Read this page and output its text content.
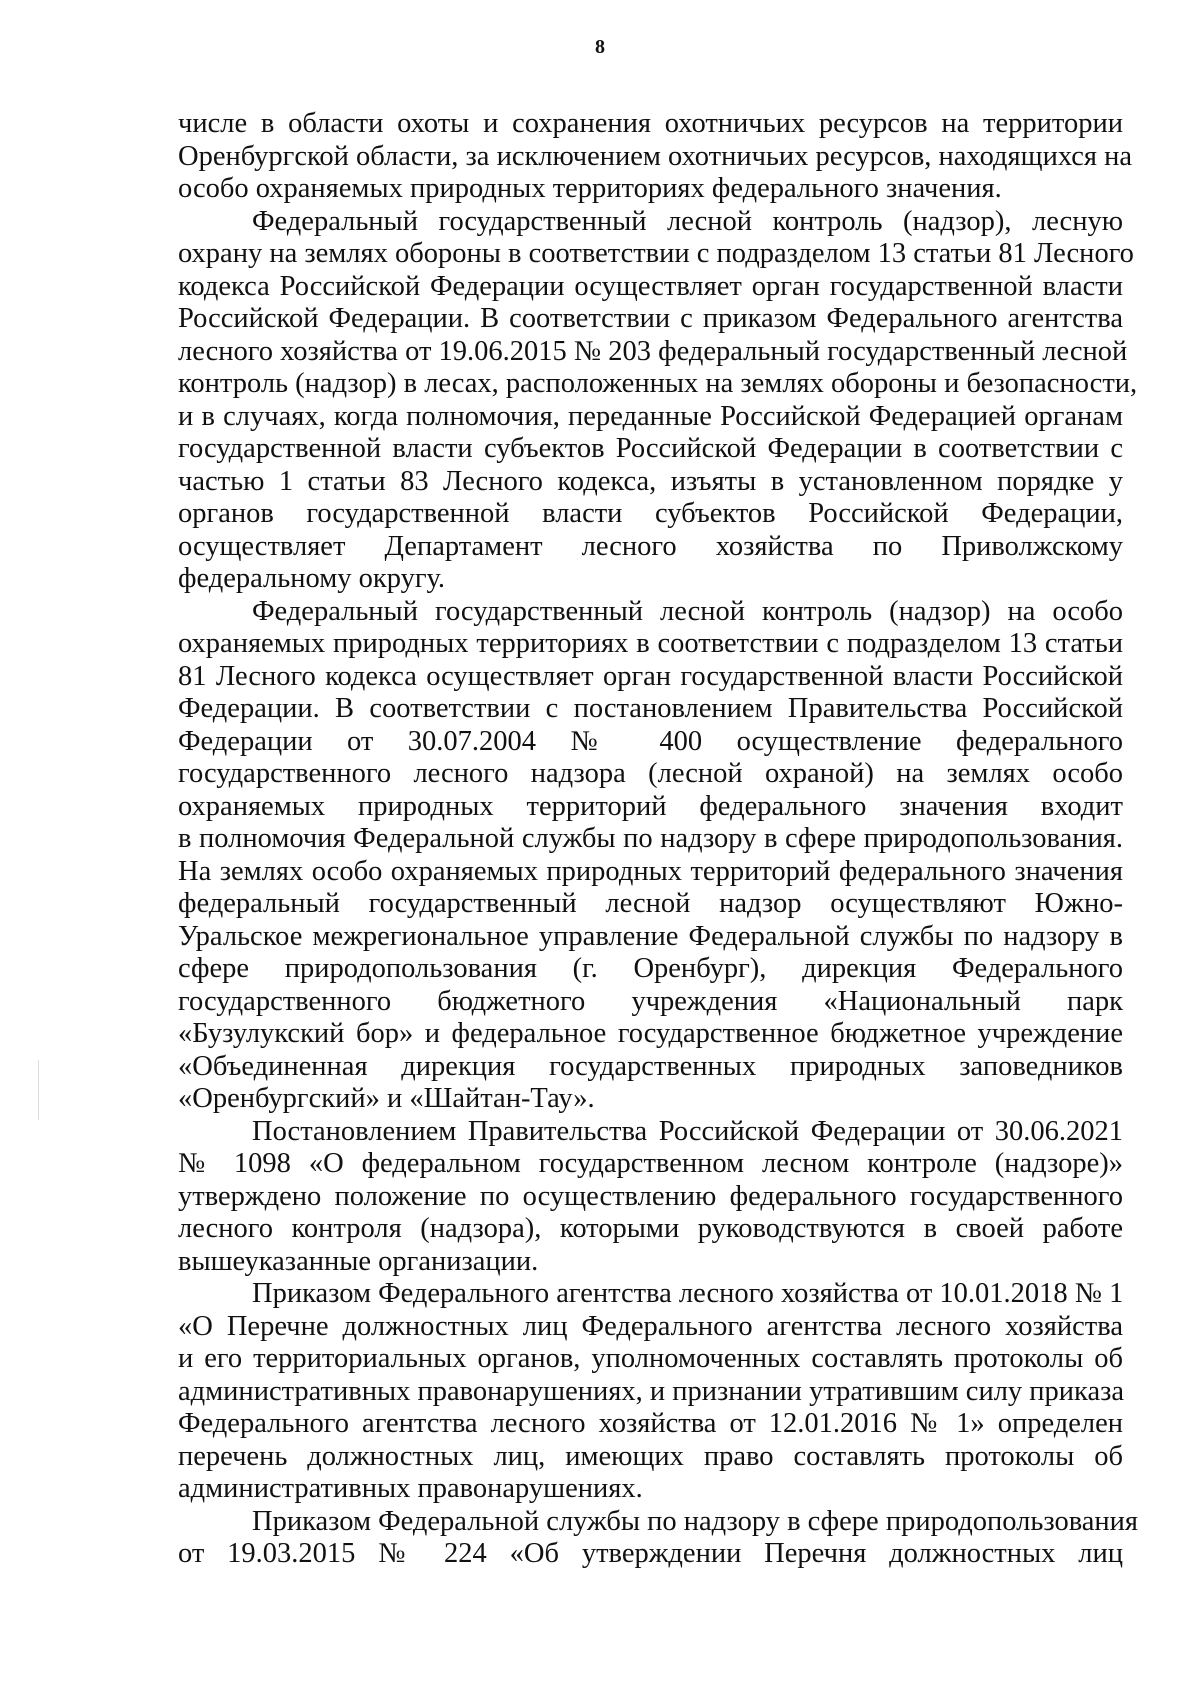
8
числе в области охоты и сохранения охотничьих ресурсов на территории
Оренбургской области, за исключением охотничьих ресурсов, находящихся на
особо охраняемых природных территориях федерального значения.
Федеральный государственный лесной контроль (надзор), лесную
охрану на землях обороны в соответствии с подразделом 13 статьи 81 Лесного
кодекса Российской Федерации осуществляет орган государственной власти
Российской Федерации. В соответствии с приказом Федерального агентства
лесного хозяйства от 19.06.2015 № 203 федеральный государственный лесной
контроль (надзор) в лесах, расположенных на землях обороны и безопасности,
и в случаях, когда полномочия, переданные Российской Федерацией органам
государственной власти субъектов Российской Федерации в соответствии с
частью 1 статьи 83 Лесного кодекса, изъяты в установленном порядке у
органов государственной власти субъектов Российской Федерации,
осуществляет Департамент лесного хозяйства по Приволжскому
федеральному округу.
Федеральный государственный лесной контроль (надзор) на особо
охраняемых природных территориях в соответствии с подразделом 13 статьи
81 Лесного кодекса осуществляет орган государственной власти Российской
Федерации. В соответствии с постановлением Правительства Российской
Федерации от 30.07.2004 № 400 осуществление федерального
государственного лесного надзора (лесной охраной) на землях особо
охраняемых природных территорий федерального значения входит
в полномочия Федеральной службы по надзору в сфере природопользования.
На землях особо охраняемых природных территорий федерального значения
федеральный государственный лесной надзор осуществляют Южно-
Уральское межрегиональное управление Федеральной службы по надзору в
сфере природопользования (г. Оренбург), дирекция Федерального
государственного бюджетного учреждения «Национальный парк
«Бузулукский бор» и федеральное государственное бюджетное учреждение
«Объединенная дирекция государственных природных заповедников
«Оренбургский» и «Шайтан-Тау».
Постановлением Правительства Российской Федерации от 30.06.2021
№ 1098 «О федеральном государственном лесном контроле (надзоре)»
утверждено положение по осуществлению федерального государственного
лесного контроля (надзора), которыми руководствуются в своей работе
вышеуказанные организации.
Приказом Федерального агентства лесного хозяйства от 10.01.2018 № 1
«О Перечне должностных лиц Федерального агентства лесного хозяйства
и его территориальных органов, уполномоченных составлять протоколы об
административных правонарушениях, и признании утратившим силу приказа
Федерального агентства лесного хозяйства от 12.01.2016 № 1» определен
перечень должностных лиц, имеющих право составлять протоколы об
административных правонарушениях.
Приказом Федеральной службы по надзору в сфере природопользования
от 19.03.2015 № 224 «Об утверждении Перечня должностных лиц
